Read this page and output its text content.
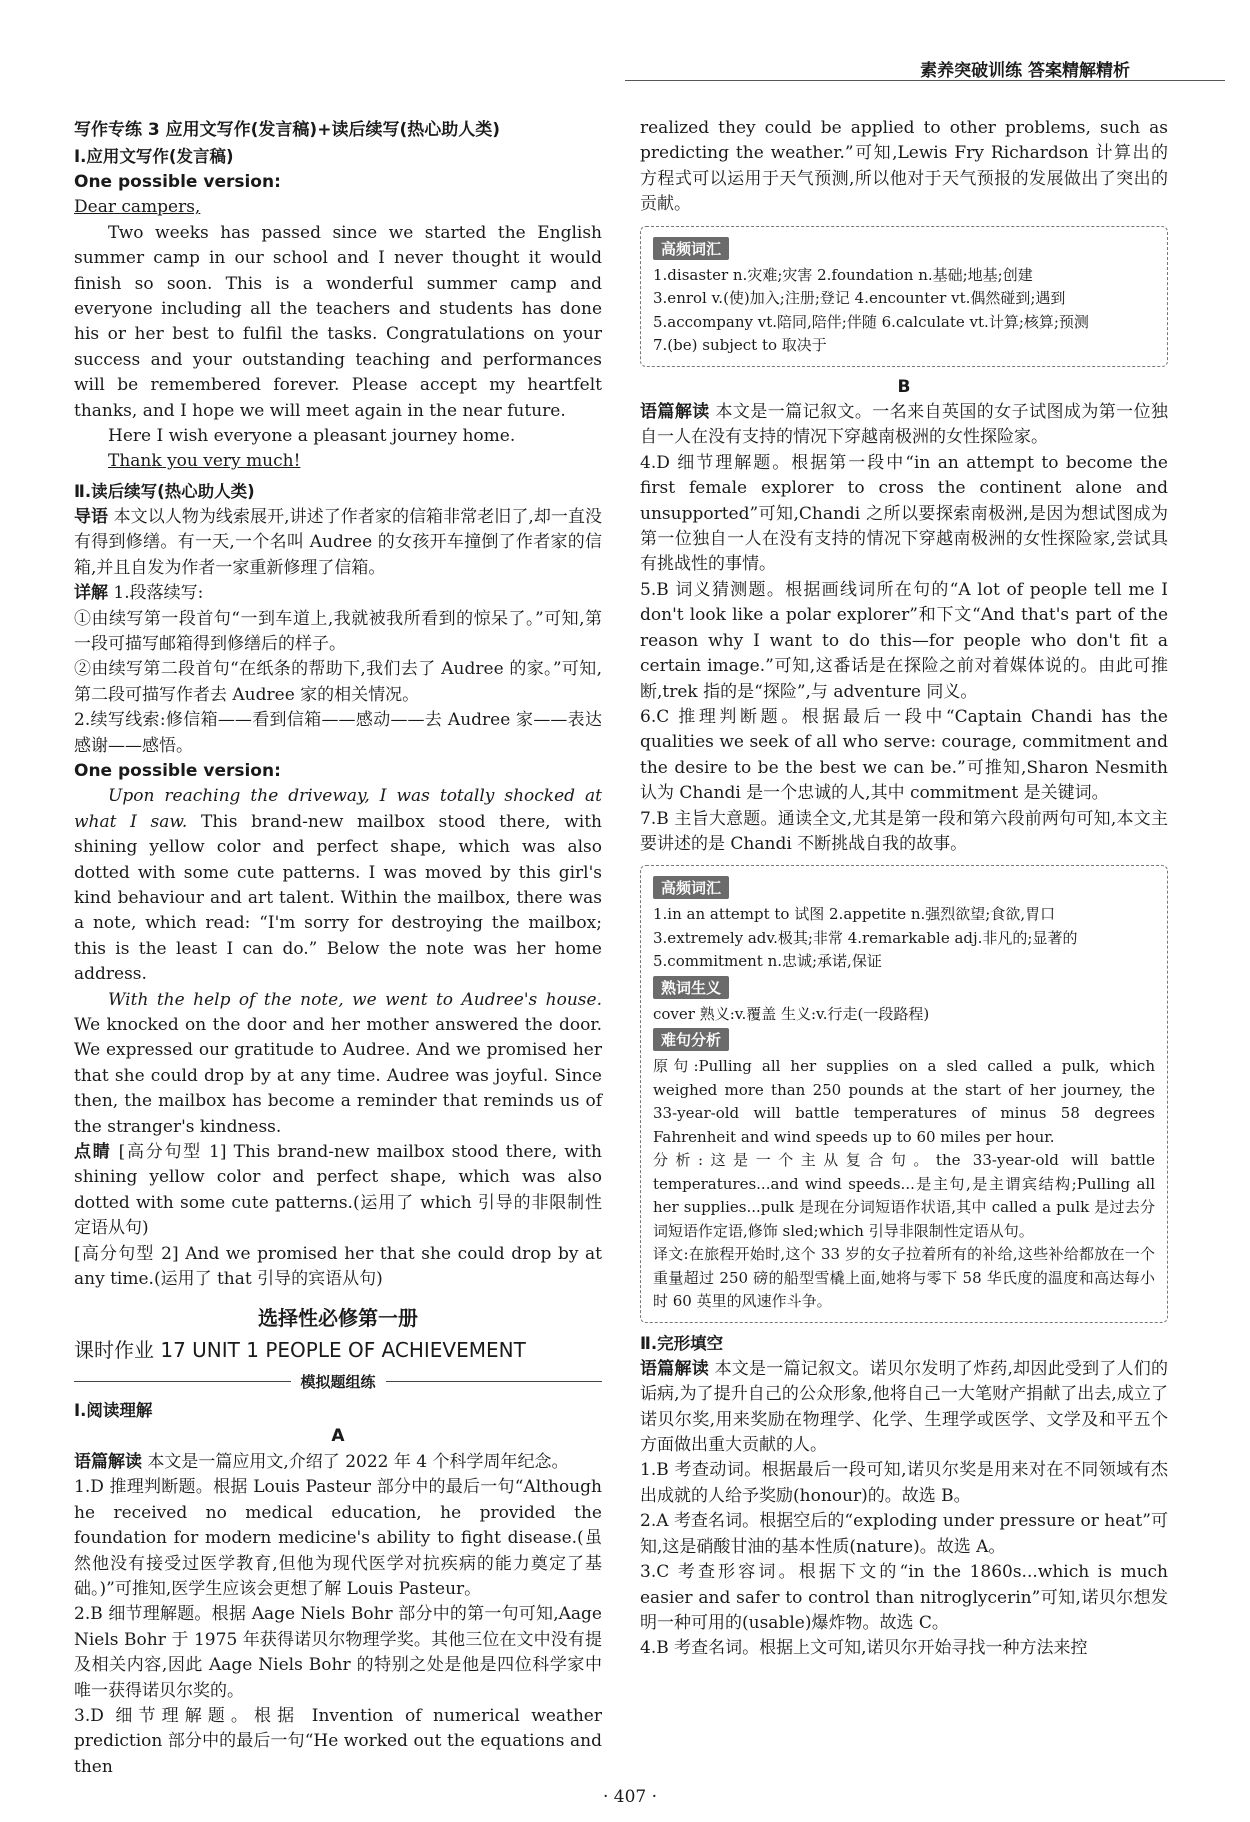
素养突破训练 答案精解精析
写作专练 3 应用文写作(发言稿)+读后续写(热心助人类)
Ⅰ.应用文写作(发言稿)

One possible version:

Dear campers,

Two weeks has passed since we started the English summer camp in our school and I never thought it would finish so soon. This is a wonderful summer camp and everyone including all the teachers and students has done his or her best to fulfil the tasks. Congratulations on your success and your outstanding teaching and performances will be remembered forever. Please accept my heartfelt thanks, and I hope we will meet again in the near future.

Here I wish everyone a pleasant journey home.

Thank you very much!

Ⅱ.读后续写(热心助人类)

导语 本文以人物为线索展开,讲述了作者家的信箱非常老旧了,却一直没有得到修缮。有一天,一个名叫 Audree 的女孩开车撞倒了作者家的信箱,并且自发为作者一家重新修理了信箱。

详解 1.段落续写:

①由续写第一段首句“一到车道上,我就被我所看到的惊呆了。”可知,第一段可描写邮箱得到修缮后的样子。

②由续写第二段首句“在纸条的帮助下,我们去了 Audree 的家。”可知,第二段可描写作者去 Audree 家的相关情况。

2.续写线索:修信箱——看到信箱——感动——去 Audree 家——表达感谢——感悟。

One possible version:

Upon reaching the driveway, I was totally shocked at what I saw. This brand-new mailbox stood there, with shining yellow color and perfect shape, which was also dotted with some cute patterns. I was moved by this girl's kind behaviour and art talent. Within the mailbox, there was a note, which read: “I'm sorry for destroying the mailbox; this is the least I can do.” Below the note was her home address.

With the help of the note, we went to Audree's house. We knocked on the door and her mother answered the door. We expressed our gratitude to Audree. And we promised her that she could drop by at any time. Audree was joyful. Since then, the mailbox has become a reminder that reminds us of the stranger's kindness.

点睛 [高分句型 1] This brand-new mailbox stood there, with shining yellow color and perfect shape, which was also dotted with some cute patterns.(运用了 which 引导的非限制性定语从句)

[高分句型 2] And we promised her that she could drop by at any time.(运用了 that 引导的宾语从句)

选择性必修第一册
课时作业 17 UNIT 1 PEOPLE OF ACHIEVEMENT
模拟题组练
Ⅰ.阅读理解

A

语篇解读 本文是一篇应用文,介绍了 2022 年 4 个科学周年纪念。

1.D 推理判断题。根据 Louis Pasteur 部分中的最后一句“Although he received no medical education, he provided the foundation for modern medicine's ability to fight disease.(虽然他没有接受过医学教育,但他为现代医学对抗疾病的能力奠定了基础。)”可推知,医学生应该会更想了解 Louis Pasteur。

2.B 细节理解题。根据 Aage Niels Bohr 部分中的第一句可知,Aage Niels Bohr 于 1975 年获得诺贝尔物理学奖。其他三位在文中没有提及相关内容,因此 Aage Niels Bohr 的特别之处是他是四位科学家中唯一获得诺贝尔奖的。

3.D 细节理解题。根据 Invention of numerical weather prediction 部分中的最后一句“He worked out the equations and then

realized they could be applied to other problems, such as predicting the weather.”可知,Lewis Fry Richardson 计算出的方程式可以运用于天气预测,所以他对于天气预报的发展做出了突出的贡献。

高频词汇

1.disaster n.灾难;灾害 2.foundation n.基础;地基;创建

3.enrol v.(使)加入;注册;登记 4.encounter vt.偶然碰到;遇到

5.accompany vt.陪同,陪伴;伴随 6.calculate vt.计算;核算;预测

7.(be) subject to 取决于

B

语篇解读 本文是一篇记叙文。一名来自英国的女子试图成为第一位独自一人在没有支持的情况下穿越南极洲的女性探险家。

4.D 细节理解题。根据第一段中“in an attempt to become the first female explorer to cross the continent alone and unsupported”可知,Chandi 之所以要探索南极洲,是因为想试图成为第一位独自一人在没有支持的情况下穿越南极洲的女性探险家,尝试具有挑战性的事情。

5.B 词义猜测题。根据画线词所在句的“A lot of people tell me I don't look like a polar explorer”和下文“And that's part of the reason why I want to do this—for people who don't fit a certain image.”可知,这番话是在探险之前对着媒体说的。由此可推断,trek 指的是“探险”,与 adventure 同义。

6.C 推理判断题。根据最后一段中“Captain Chandi has the qualities we seek of all who serve: courage, commitment and the desire to be the best we can be.”可推知,Sharon Nesmith 认为 Chandi 是一个忠诚的人,其中 commitment 是关键词。

7.B 主旨大意题。通读全文,尤其是第一段和第六段前两句可知,本文主要讲述的是 Chandi 不断挑战自我的故事。

高频词汇

1.in an attempt to 试图 2.appetite n.强烈欲望;食欲,胃口

3.extremely adv.极其;非常 4.remarkable adj.非凡的;显著的

5.commitment n.忠诚;承诺,保证

熟词生义

cover 熟义:v.覆盖 生义:v.行走(一段路程)

难句分析

原句:Pulling all her supplies on a sled called a pulk, which weighed more than 250 pounds at the start of her journey, the 33-year-old will battle temperatures of minus 58 degrees Fahrenheit and wind speeds up to 60 miles per hour.

分析:这是一个主从复合句。the 33-year-old will battle temperatures...and wind speeds...是主句,是主谓宾结构;Pulling all her supplies...pulk 是现在分词短语作状语,其中 called a pulk 是过去分词短语作定语,修饰 sled;which 引导非限制性定语从句。

译文:在旅程开始时,这个 33 岁的女子拉着所有的补给,这些补给都放在一个重量超过 250 磅的船型雪橇上面,她将与零下 58 华氏度的温度和高达每小时 60 英里的风速作斗争。

Ⅱ.完形填空

语篇解读 本文是一篇记叙文。诺贝尔发明了炸药,却因此受到了人们的诟病,为了提升自己的公众形象,他将自己一大笔财产捐献了出去,成立了诺贝尔奖,用来奖励在物理学、化学、生理学或医学、文学及和平五个方面做出重大贡献的人。

1.B 考查动词。根据最后一段可知,诺贝尔奖是用来对在不同领域有杰出成就的人给予奖励(honour)的。故选 B。

2.A 考查名词。根据空后的“exploding under pressure or heat”可知,这是硝酸甘油的基本性质(nature)。故选 A。

3.C 考查形容词。根据下文的“in the 1860s...which is much easier and safer to control than nitroglycerin”可知,诺贝尔想发明一种可用的(usable)爆炸物。故选 C。

4.B 考查名词。根据上文可知,诺贝尔开始寻找一种方法来控

· 407 ·
